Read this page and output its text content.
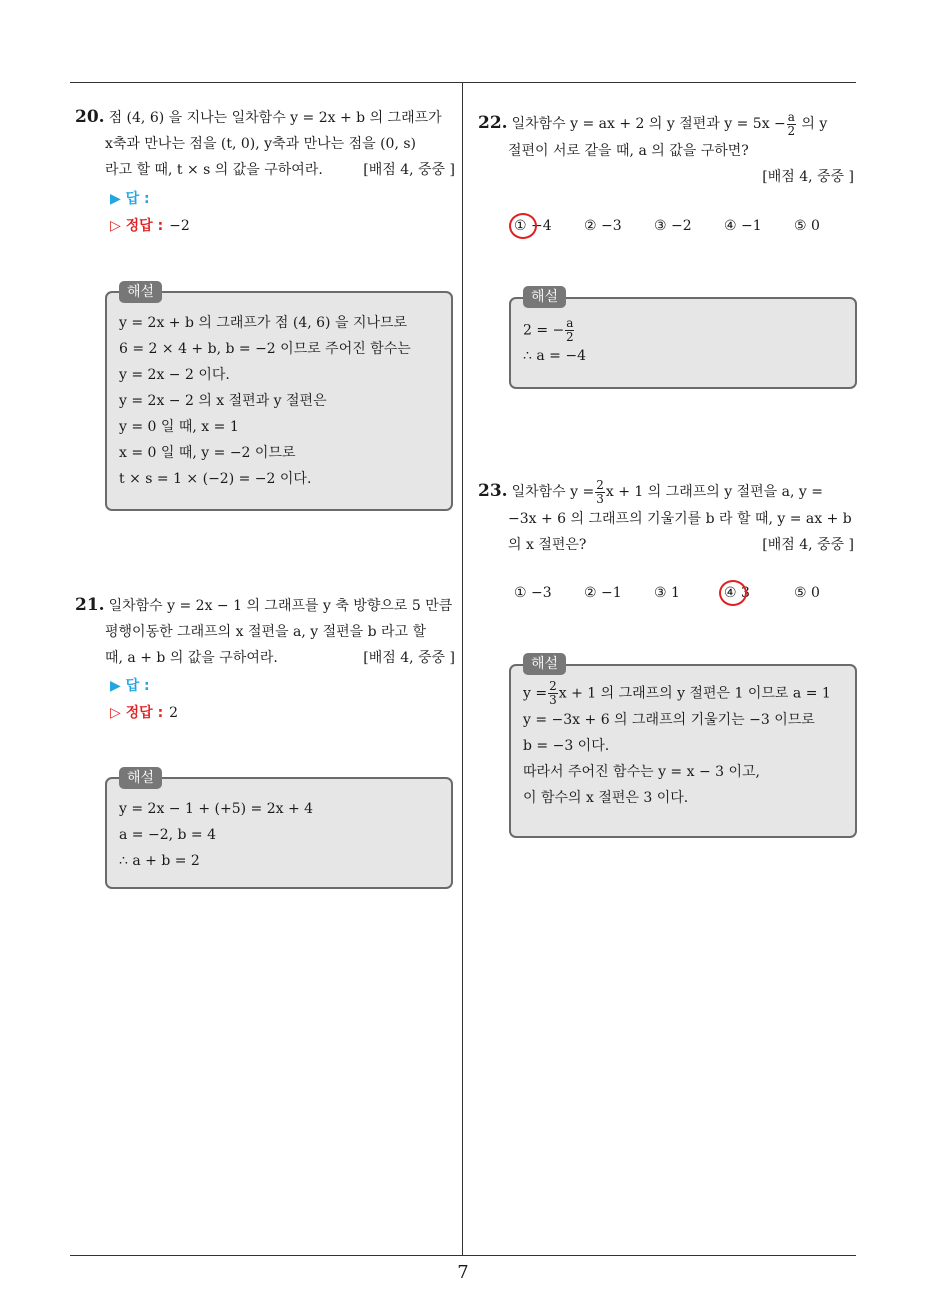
7
20. 점 (4, 6) 을 지나는 일차함수 y = 2x + b 의 그래프가
x축과 만나는 점을 (t, 0), y축과 만나는 점을 (0, s)
라고 할 때, t × s 의 값을 구하여라.	[배점 4, 중중 ]
▶ 답 :
▷ 정답 : −2
y = 2x + b 의 그래프가 점 (4, 6) 을 지나므로
6 = 2 × 4 + b, b = −2 이므로 주어진 함수는
y = 2x − 2 이다.
y = 2x − 2 의 x 절편과 y 절편은
y = 0 일 때, x = 1
x = 0 일 때, y = −2 이므로
t × s = 1 × (−2) = −2 이다.
해설
21. 일차함수 y = 2x − 1 의 그래프를 y 축 방향으로 5 만큼
평행이동한 그래프의 x 절편을 a, y 절편을 b 라고 할
때, a + b 의 값을 구하여라.	[배점 4, 중중 ]
▶ 답 :
▷ 정답 : 2
y = 2x − 1 + (+5) = 2x + 4
a = −2, b = 4
∴ a + b = 2
해설
22. 일차함수 y = ax + 2 의 y 절편과 $y = 5x - \frac{a}{2}$ 의 y
절편이 서로 같을 때, a 의 값을 구하면?
[배점 4, 중중 ]
① −4	② −3	③ −2	④ −1	⑤ 0
2 = − $\frac{a}{2}$
∴ a = −4
해설
23. 일차함수 $y = \frac{2}{3}$ x + 1 의 그래프의 y 절편을 a, y =
−3x + 6 의 그래프의 기울기를 b 라 할 때, y = ax + b
의 x 절편은?	[배점 4, 중중 ]
① −3	② −1	③ 1	④ 3	⑤ 0
$y = \frac{2}{3}$ x + 1 의 그래프의 y 절편은 1 이므로 a = 1
y = −3x + 6 의 그래프의 기울기는 −3 이므로
b = −3 이다.
따라서 주어진 함수는 y = x − 3 이고,
이 함수의 x 절편은 3 이다.
해설
